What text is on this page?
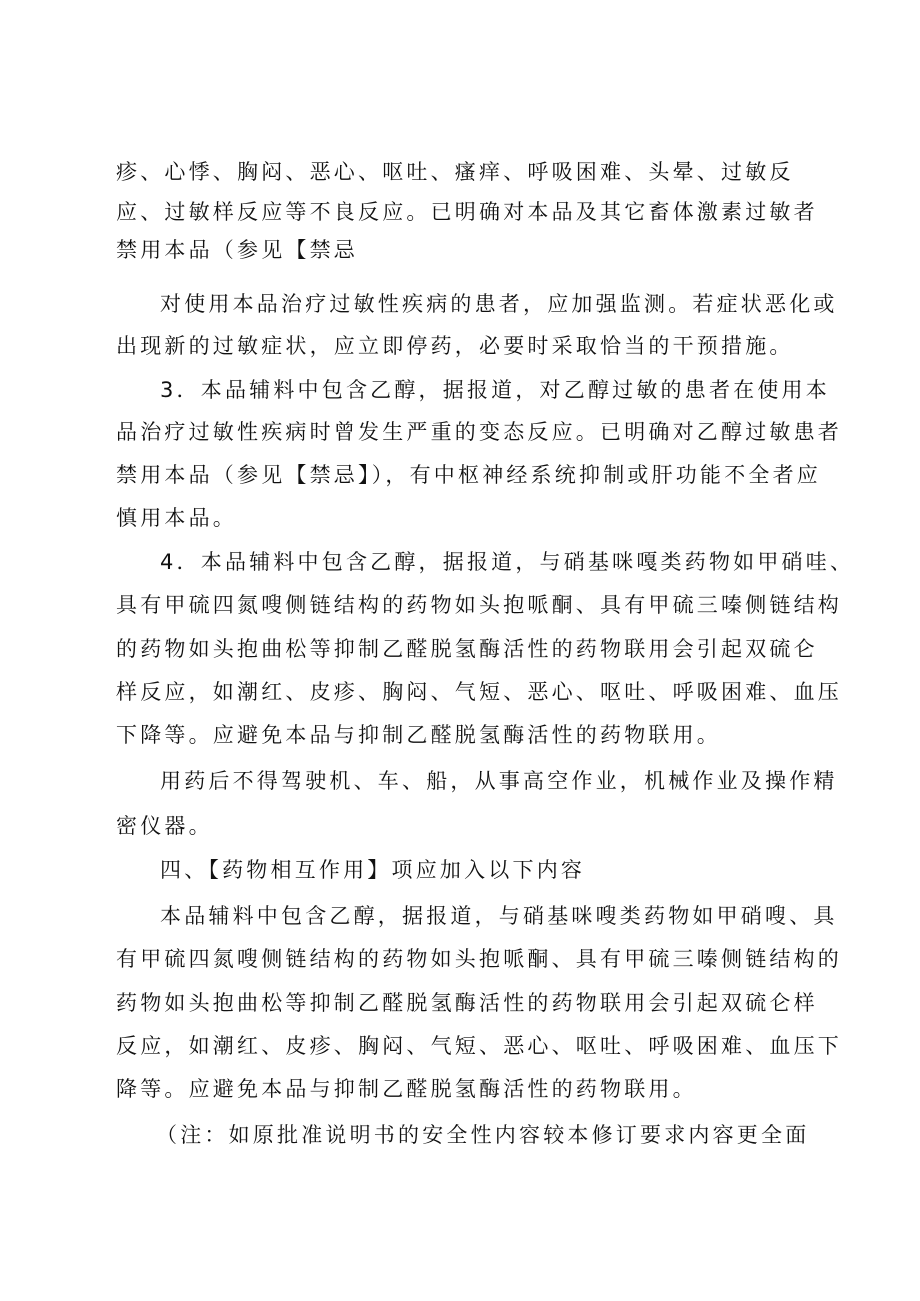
疹、心悸、胸闷、恶心、呕吐、瘙痒、呼吸困难、头晕、过敏反
应、过敏样反应等不良反应。已明确对本品及其它畜体激素过敏者
禁用本品（参见【禁忌
对使用本品治疗过敏性疾病的患者，应加强监测。若症状恶化或
出现新的过敏症状，应立即停药，必要时采取恰当的干预措施。
3．本品辅料中包含乙醇，据报道，对乙醇过敏的患者在使用本
品治疗过敏性疾病时曾发生严重的变态反应。已明确对乙醇过敏患者
禁用本品（参见【禁忌】），有中枢神经系统抑制或肝功能不全者应
慎用本品。
4．本品辅料中包含乙醇，据报道，与硝基咪嘎类药物如甲硝哇、
具有甲硫四氮嗖侧链结构的药物如头抱哌酮、具有甲硫三嗪侧链结构
的药物如头抱曲松等抑制乙醛脱氢酶活性的药物联用会引起双硫仑
样反应，如潮红、皮疹、胸闷、气短、恶心、呕吐、呼吸困难、血压
下降等。应避免本品与抑制乙醛脱氢酶活性的药物联用。
用药后不得驾驶机、车、船，从事高空作业，机械作业及操作精
密仪器。
四、【药物相互作用】项应加入以下内容
本品辅料中包含乙醇，据报道，与硝基咪嗖类药物如甲硝嗖、具
有甲硫四氮嗖侧链结构的药物如头抱哌酮、具有甲硫三嗪侧链结构的
药物如头抱曲松等抑制乙醛脱氢酶活性的药物联用会引起双硫仑样
反应，如潮红、皮疹、胸闷、气短、恶心、呕吐、呼吸困难、血压下
降等。应避免本品与抑制乙醛脱氢酶活性的药物联用。
（注：如原批准说明书的安全性内容较本修订要求内容更全面
